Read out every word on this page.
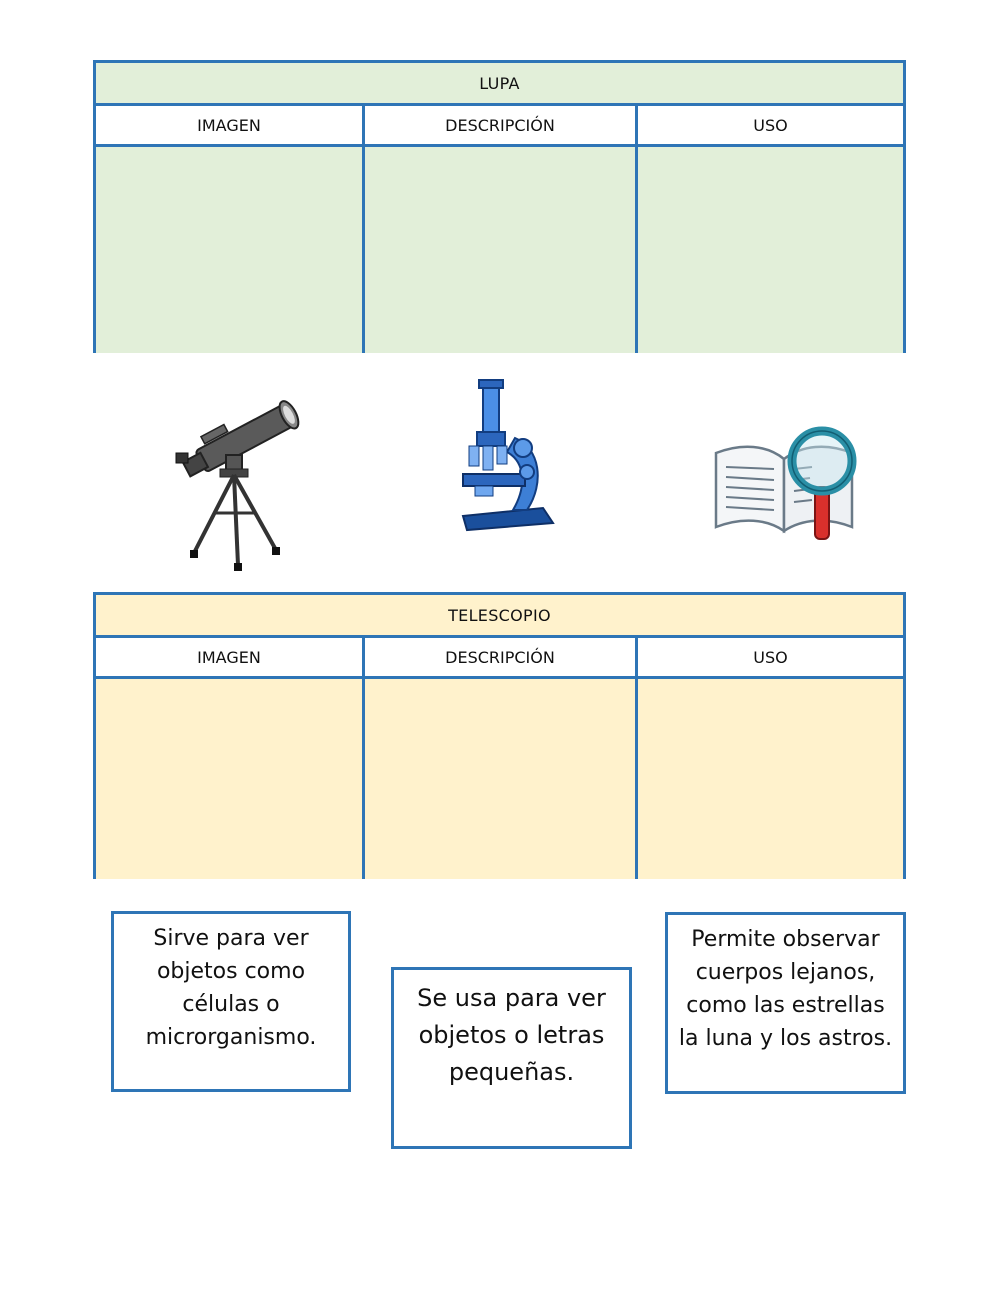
LUPA
IMAGEN	DESCRIPCIÓN	USO
TELESCOPIO
IMAGEN	DESCRIPCIÓN	USO
Sirve para ver objetos como células o microrganismo.
Se usa para ver objetos o letras pequeñas.
Permite observar cuerpos lejanos, como las estrellas la luna y los astros.
